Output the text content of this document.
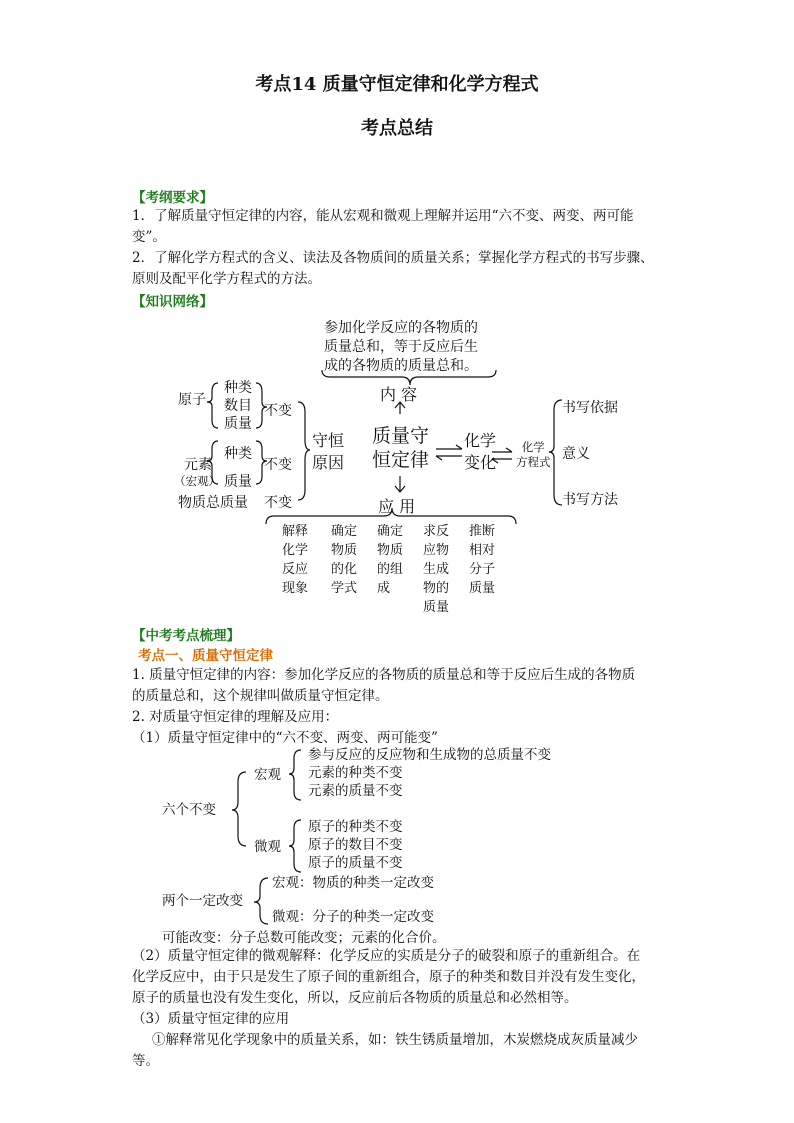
考点14 质量守恒定律和化学方程式
考点总结
【考纲要求】

1．了解质量守恒定律的内容，能从宏观和微观上理解并运用“六不变、两变、两可能

变”。

2．了解化学方程式的含义、读法及各物质间的质量关系；掌握化学方程式的书写步骤、

原则及配平化学方程式的方法。

【知识网络】
参加化学反应的各物质的
质量总和，等于反应后生
成的各物质的质量总和。
内 容
质量守
恒定律
守恒
原因
原子
种类
数目
质量
不变
元素
（宏观）
种类
质量
不变
物质总质量 不变
化学
变化
化学
方程式
书写依据
意义
书写方法
应 用
解释化学反应现象
确定物质的化学式
确定物质的组成
求反应物生成物的质量
推断相对分子质量
【中考考点梳理】
考点一、质量守恒定律

1. 质量守恒定律的内容：参加化学反应的各物质的质量总和等于反应后生成的各物质

的质量总和，这个规律叫做质量守恒定律。

2. 对质量守恒定律的理解及应用：

（1）质量守恒定律中的“六不变、两变、两可能变”

六个不变
宏观

参与反应的反应物和生成物的总质量不变

元素的种类不变

元素的质量不变

微观

原子的种类不变

原子的数目不变

原子的质量不变

两个一定改变
宏观：物质的种类一定改变
微观：分子的种类一定改变
可能改变：分子总数可能改变；元素的化合价。

（2）质量守恒定律的微观解释：化学反应的实质是分子的破裂和原子的重新组合。在

化学反应中，由于只是发生了原子间的重新组合，原子的种类和数目并没有发生变化，

原子的质量也没有发生变化，所以，反应前后各物质的质量总和必然相等。

（3）质量守恒定律的应用

①解释常见化学现象中的质量关系，如：铁生锈质量增加，木炭燃烧成灰质量减少

等。
